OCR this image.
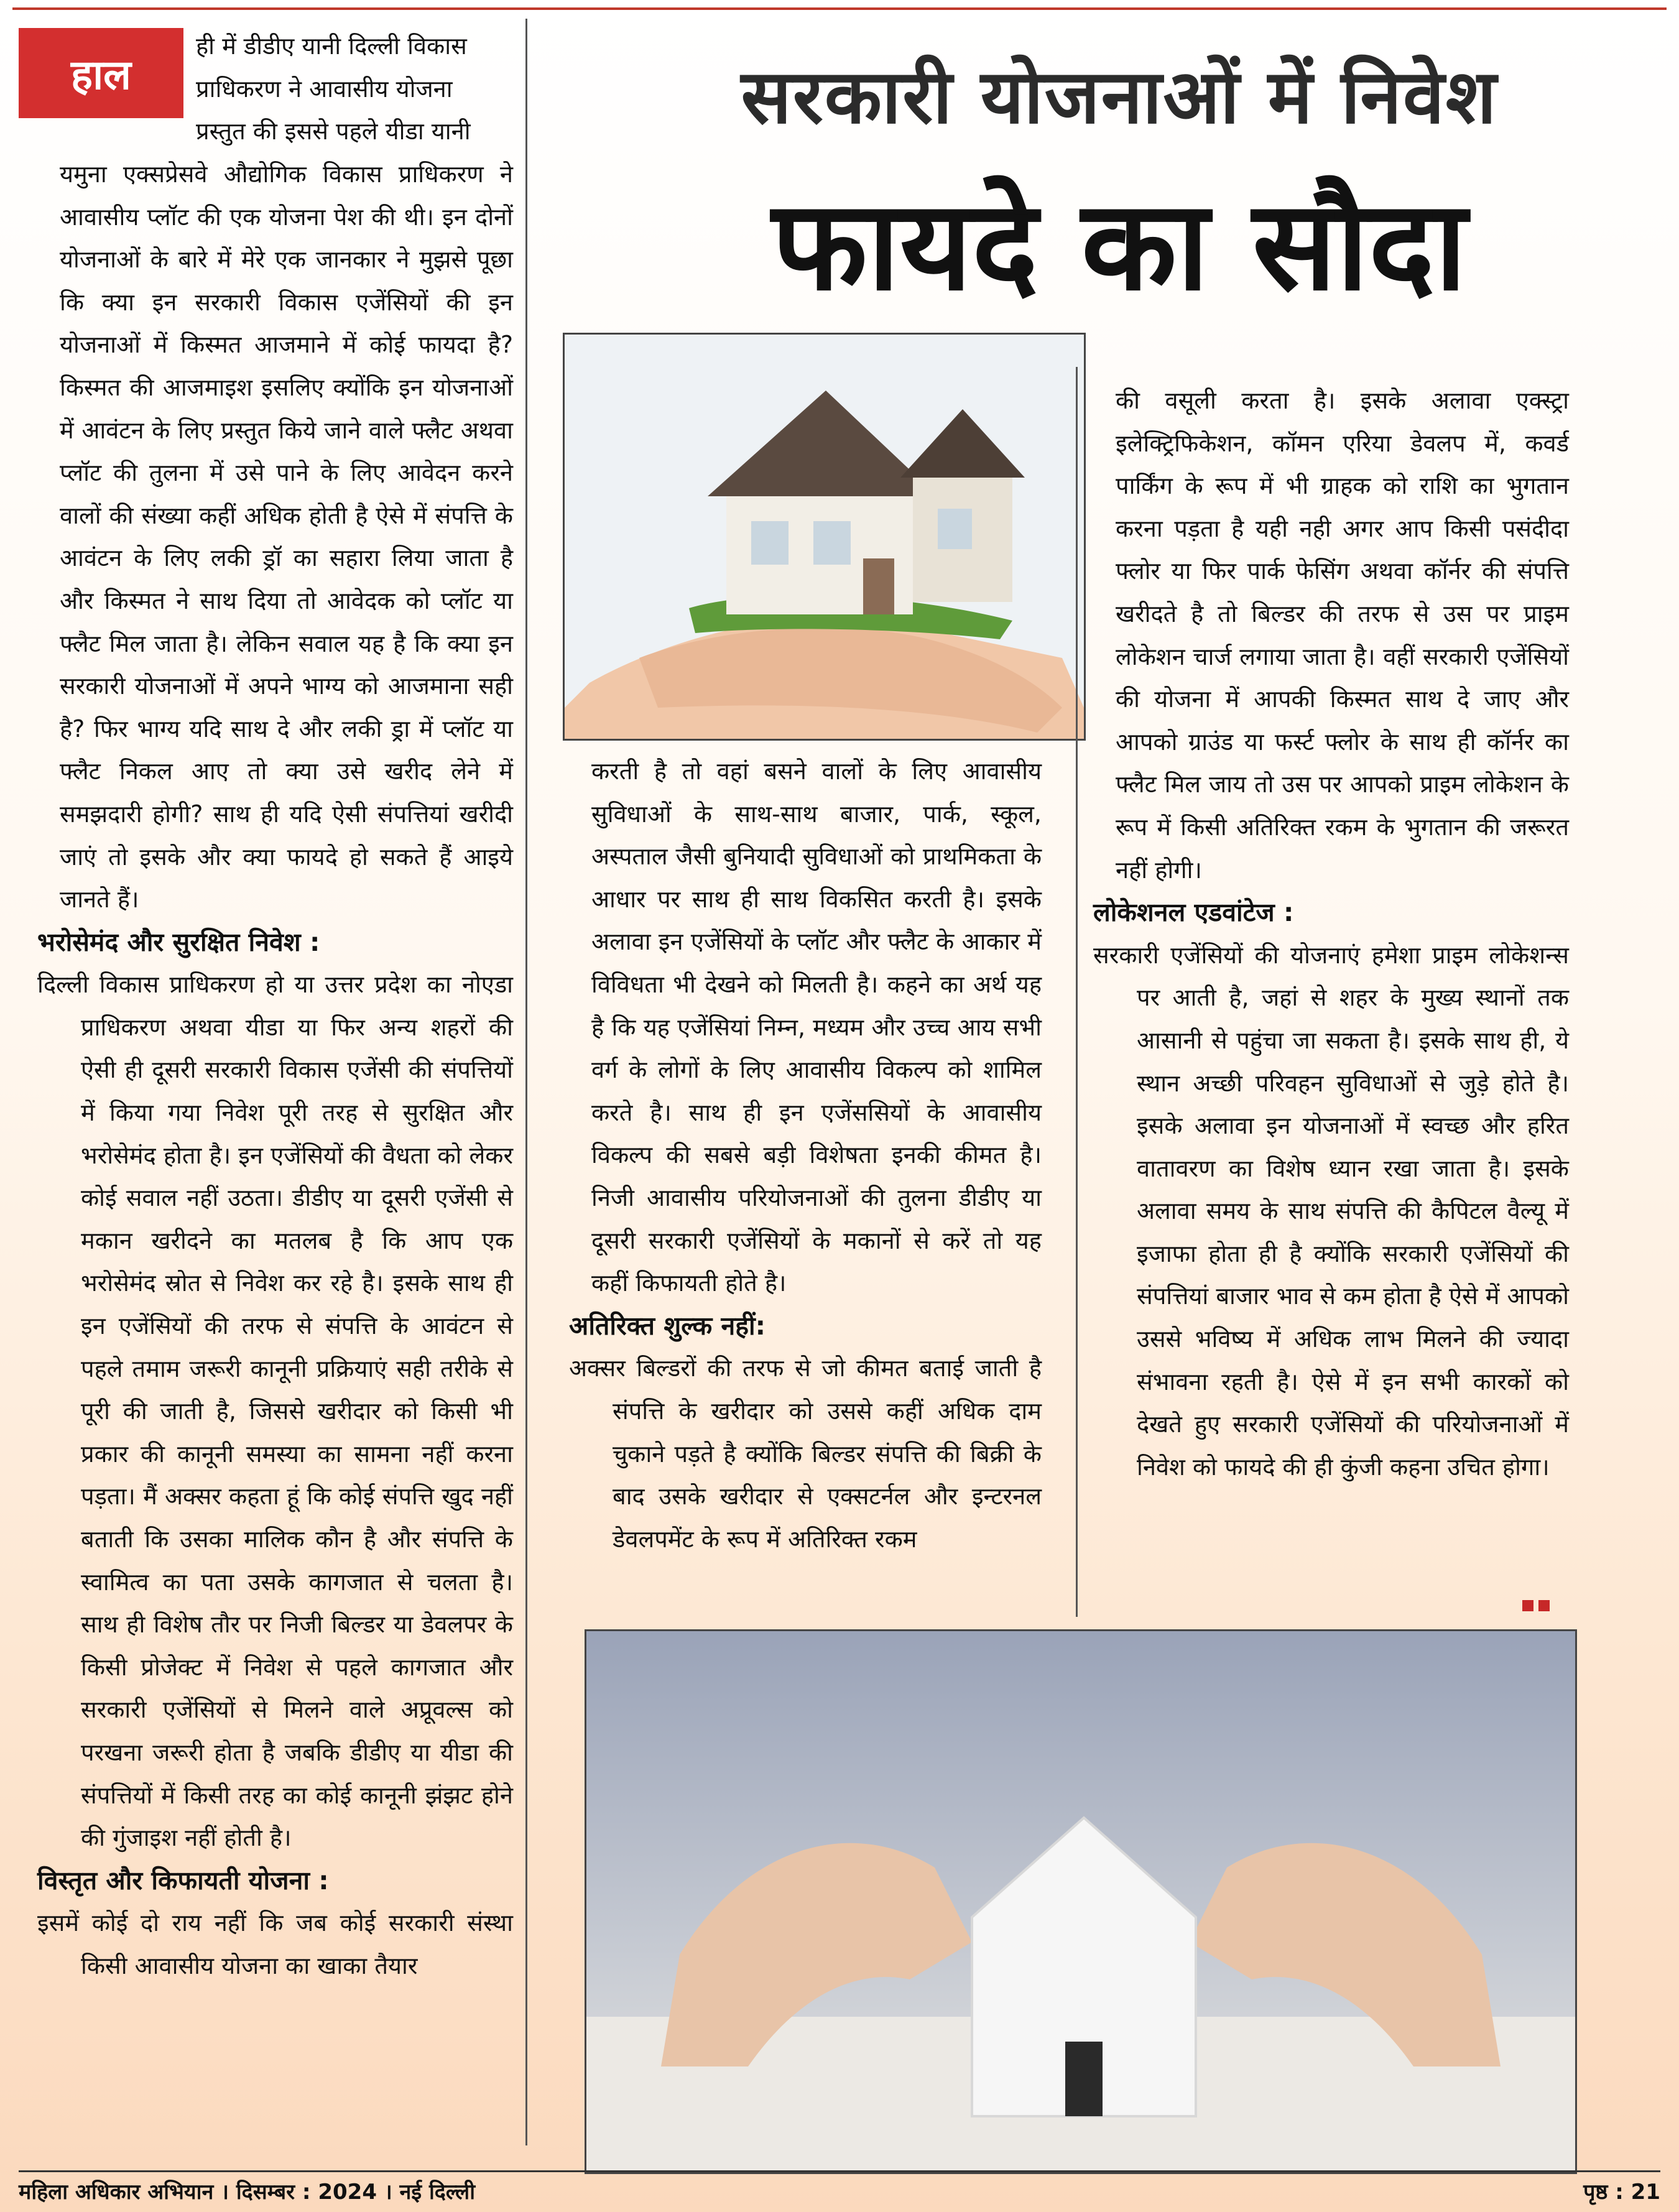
हाल

ही में डीडीए यानी दिल्ली विकास

प्राधिकरण ने आवासीय योजना

प्रस्तुत की इससे पहले यीडा यानी

यमुना एक्सप्रेसवे औद्योगिक विकास प्राधिकरण ने आवासीय प्लॉट की एक योजना पेश की थी। इन दोनों योजनाओं के बारे में मेरे एक जानकार ने मुझसे पूछा कि क्या इन सरकारी विकास एजेंसियों की इन योजनाओं में किस्मत आजमाने में कोई फायदा है? किस्मत की आजमाइश इसलिए क्योंकि इन योजनाओं में आवंटन के लिए प्रस्तुत किये जाने वाले फ्लैट अथवा प्लॉट की तुलना में उसे पाने के लिए आवेदन करने वालों की संख्या कहीं अधिक होती है ऐसे में संपत्ति के आवंटन के लिए लकी ड्रॉ का सहारा लिया जाता है और किस्मत ने साथ दिया तो आवेदक को प्लॉट या फ्लैट मिल जाता है। लेकिन सवाल यह है कि क्या इन सरकारी योजनाओं में अपने भाग्य को आजमाना सही है? फिर भाग्य यदि साथ दे और लकी ड्रा में प्लॉट या फ्लैट निकल आए तो क्या उसे खरीद लेने में समझदारी होगी? साथ ही यदि ऐसी संपत्तियां खरीदी जाएं तो इसके और क्या फायदे हो सकते हैं आइये जानते हैं।

भरोसेमंद और सुरक्षित निवेश :

दिल्ली विकास प्राधिकरण हो या उत्तर प्रदेश का नोएडा प्राधिकरण अथवा यीडा या फिर अन्य शहरों की ऐसी ही दूसरी सरकारी विकास एजेंसी की संपत्तियों में किया गया निवेश पूरी तरह से सुरक्षित और भरोसेमंद होता है। इन एजेंसियों की वैधता को लेकर कोई सवाल नहीं उठता। डीडीए या दूसरी एजेंसी से मकान खरीदने का मतलब है कि आप एक भरोसेमंद स्रोत से निवेश कर रहे है। इसके साथ ही इन एजेंसियों की तरफ से संपत्ति के आवंटन से पहले तमाम जरूरी कानूनी प्रक्रियाएं सही तरीके से पूरी की जाती है, जिससे खरीदार को किसी भी प्रकार की कानूनी समस्या का सामना नहीं करना पड़ता। मैं अक्सर कहता हूं कि कोई संपत्ति खुद नहीं बताती कि उसका मालिक कौन है और संपत्ति के स्वामित्व का पता उसके कागजात से चलता है। साथ ही विशेष तौर पर निजी बिल्डर या डेवलपर के किसी प्रोजेक्ट में निवेश से पहले कागजात और सरकारी एजेंसियों से मिलने वाले अप्रूवल्स को परखना जरूरी होता है जबकि डीडीए या यीडा की संपत्तियों में किसी तरह का कोई कानूनी झंझट होने की गुंजाइश नहीं होती है।

विस्तृत और किफायती योजना :

इसमें कोई दो राय नहीं कि जब कोई सरकारी संस्था किसी आवासीय योजना का खाका तैयार

सरकारी योजनाओं में निवेश
फायदे का सौदा

करती है तो वहां बसने वालों के लिए आवासीय सुविधाओं के साथ-साथ बाजार, पार्क, स्कूल, अस्पताल जैसी बुनियादी सुविधाओं को प्राथमिकता के आधार पर साथ ही साथ विकसित करती है। इसके अलावा इन एजेंसियों के प्लॉट और फ्लैट के आकार में विविधता भी देखने को मिलती है। कहने का अर्थ यह है कि यह एजेंसियां निम्न, मध्यम और उच्च आय सभी वर्ग के लोगों के लिए आवासीय विकल्प को शामिल करते है। साथ ही इन एजेंससियों के आवासीय विकल्प की सबसे बड़ी विशेषता इनकी कीमत है। निजी आवासीय परियोजनाओं की तुलना डीडीए या दूसरी सरकारी एजेंसियों के मकानों से करें तो यह कहीं किफायती होते है।

अतिरिक्त शुल्क नहीं:

अक्सर बिल्डरों की तरफ से जो कीमत बताई जाती है संपत्ति के खरीदार को उससे कहीं अधिक दाम चुकाने पड़ते है क्योंकि बिल्डर संपत्ति की बिक्री के बाद उसके खरीदार से एक्सटर्नल और इन्टरनल डेवलपमेंट के रूप में अतिरिक्त रकम

की वसूली करता है। इसके अलावा एक्स्ट्रा इलेक्ट्रिफिकेशन, कॉमन एरिया डेवलप में, कवर्ड पार्किंग के रूप में भी ग्राहक को राशि का भुगतान करना पड़ता है यही नही अगर आप किसी पसंदीदा फ्लोर या फिर पार्क फेसिंग अथवा कॉर्नर की संपत्ति खरीदते है तो बिल्डर की तरफ से उस पर प्राइम लोकेशन चार्ज लगाया जाता है। वहीं सरकारी एजेंसियों की योजना में आपकी किस्मत साथ दे जाए और आपको ग्राउंड या फर्स्ट फ्लोर के साथ ही कॉर्नर का फ्लैट मिल जाय तो उस पर आपको प्राइम लोकेशन के रूप में किसी अतिरिक्त रकम के भुगतान की जरूरत नहीं होगी।

लोकेशनल एडवांटेज :

सरकारी एजेंसियों की योजनाएं हमेशा प्राइम लोकेशन्स पर आती है, जहां से शहर के मुख्य स्थानों तक आसानी से पहुंचा जा सकता है। इसके साथ ही, ये स्थान अच्छी परिवहन सुविधाओं से जुड़े होते है। इसके अलावा इन योजनाओं में स्वच्छ और हरित वातावरण का विशेष ध्यान रखा जाता है। इसके अलावा समय के साथ संपत्ति की कैपिटल वैल्यू में इजाफा होता ही है क्योंकि सरकारी एजेंसियों की संपत्तियां बाजार भाव से कम होता है ऐसे में आपको उससे भविष्य में अधिक लाभ मिलने की ज्यादा संभावना रहती है। ऐसे में इन सभी कारकों को देखते हुए सरकारी एजेंसियों की परियोजनाओं में निवेश को फायदे की ही कुंजी कहना उचित होगा।

महिला अधिकार अभियान । दिसम्बर : 2024 । नई दिल्ली	पृष्ठ : 21
